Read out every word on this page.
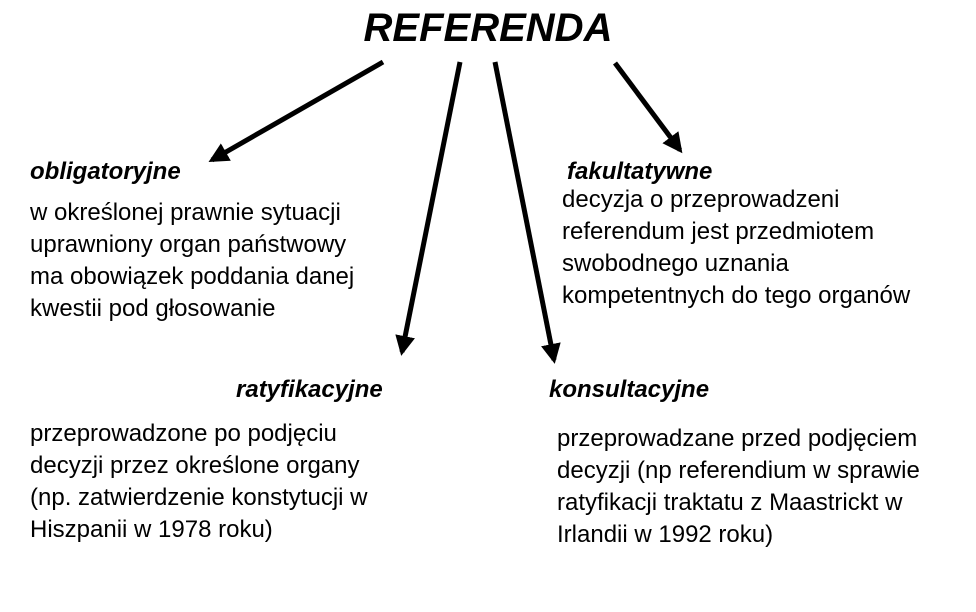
REFERENDA
obligatoryjne
w określonej prawnie sytuacji
uprawniony organ państwowy
ma obowiązek poddania danej
kwestii pod głosowanie
fakultatywne
decyzja o przeprowadzeni
referendum jest przedmiotem
swobodnego uznania
kompetentnych do tego organów
ratyfikacyjne
przeprowadzone po podjęciu
decyzji przez określone organy
(np. zatwierdzenie konstytucji w
Hiszpanii w 1978 roku)
konsultacyjne
przeprowadzane przed podjęciem
decyzji (np referendium w sprawie
ratyfikacji traktatu z Maastrickt w
Irlandii w 1992 roku)
